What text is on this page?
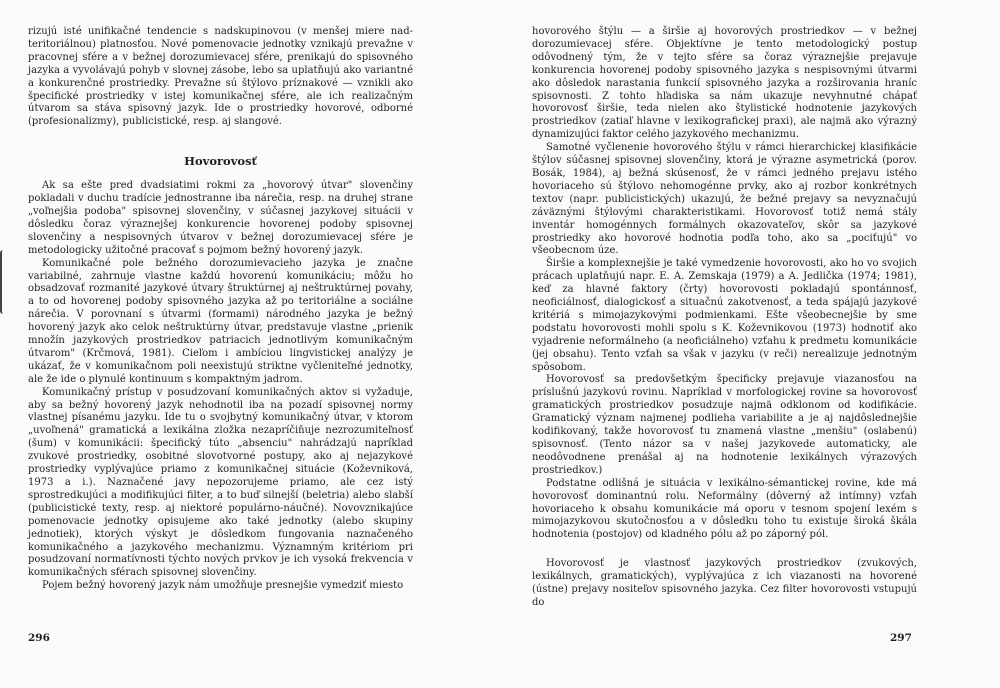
rizujú isté unifikačné tendencie s nadskupinovou (v menšej miere nad-teritoriálnou) platnosťou. Nové pomenovacie jednotky vznikajú prevažne v pracovnej sfére a v bežnej dorozumievacej sfére, prenikajú do spisovného jazyka a vyvolávajú pohyb v slovnej zásobe, lebo sa uplatňujú ako variantné a konkurenčné prostriedky. Prevažne sú štýlovo príznakové — vznikli ako špecifické prostriedky v istej komunikačnej sfére, ale ich realizačným útvarom sa stáva spisovný jazyk. Ide o prostriedky hovorové, odborné (profesionalizmy), publicistické, resp. aj slangové.

Hovorovosť

Ak sa ešte pred dvadsiatimi rokmi za „hovorový útvar" slovenčiny pokladali v duchu tradície jednostranne iba nárečia, resp. na druhej strane „voľnejšia podoba" spisovnej slovenčiny, v súčasnej jazykovej situácii v dôsledku čoraz výraznejšej konkurencie hovorenej podoby spisovnej slovenčiny a nespisovných útvarov v bežnej dorozumievacej sfére je metodologicky užitočné pracovať s pojmom bežný hovorený jazyk.

Komunikačné pole bežného dorozumievacieho jazyka je značne variabilné, zahrnuje vlastne každú hovorenú komunikáciu; môžu ho obsadzovať rozmanité jazykové útvary štruktúrnej aj neštruktúrnej povahy, a to od hovorenej podoby spisovného jazyka až po teritoriálne a sociálne nárečia. V porovnaní s útvarmi (formami) národného jazyka je bežný hovorený jazyk ako celok neštruktúrny útvar, predstavuje vlastne „prienik množín jazykových prostriedkov patriacich jednotlivým komunikačným útvarom" (Krčmová, 1981). Cieľom i ambíciou lingvistickej analýzy je ukázať, že v komunikačnom poli neexistujú striktne vyčleniteľné jednotky, ale že ide o plynulé kontinuum s kompaktným jadrom.

Komunikačný prístup v posudzovaní komunikačných aktov si vyžaduje, aby sa bežný hovorený jazyk nehodnotil iba na pozadí spisovnej normy vlastnej písanému jazyku. Ide tu o svojbytný komunikačný útvar, v ktorom „uvoľnená" gramatická a lexikálna zložka nezapríčiňuje nezrozumiteľnosť (šum) v komunikácii: špecifický túto „absenciu" nahrádzajú napríklad zvukové prostriedky, osobitné slovotvorné postupy, ako aj nejazykové prostriedky vyplývajúce priamo z komunikačnej situácie (Koževniková, 1973 a i.). Naznačené javy nepozorujeme priamo, ale cez istý sprostredkujúci a modifikujúci filter, a to buď silnejší (beletria) alebo slabší (publicistické texty, resp. aj niektoré populárno-náučné). Novovznikajúce pomenovacie jednotky opisujeme ako také jednotky (alebo skupiny jednotiek), ktorých výskyt je dôsledkom fungovania naznačeného komunikačného a jazykového mechanizmu. Významným kritériom pri posudzovaní normatívnosti týchto nových prvkov je ich vysoká frekvencia v komunikačných sférach spisovnej slovenčiny.

Pojem bežný hovorený jazyk nám umožňuje presnejšie vymedziť miesto

296

hovorového štýlu — a širšie aj hovorových prostriedkov — v bežnej dorozumievacej sfére. Objektívne je tento metodologický postup odôvodnený tým, že v tejto sfére sa čoraz výraznejšie prejavuje konkurencia hovorenej podoby spisovného jazyka s nespisovnými útvarmi ako dôsledok narastania funkcií spisovného jazyka a rozširovania hraníc spisovnosti. Z tohto hľadiska sa nám ukazuje nevyhnutné chápať hovorovosť širšie, teda nielen ako štylistické hodnotenie jazykových prostriedkov (zatiaľ hlavne v lexikografickej praxi), ale najmä ako výrazný dynamizujúci faktor celého jazykového mechanizmu.

Samotné vyčlenenie hovorového štýlu v rámci hierarchickej klasifikácie štýlov súčasnej spisovnej slovenčiny, ktorá je výrazne asymetrická (porov. Bosák, 1984), aj bežná skúsenosť, že v rámci jedného prejavu istého hovoriaceho sú štýlovo nehomogénne prvky, ako aj rozbor konkrétnych textov (napr. publicistických) ukazujú, že bežné prejavy sa nevyznačujú záväznými štýlovými charakteristikami. Hovorovosť totiž nemá stály inventár homogénnych formálnych okazovateľov, skôr sa jazykové prostriedky ako hovorové hodnotia podľa toho, ako sa „pociťujú" vo všeobecnom úze.

Širšie a komplexnejšie je také vymedzenie hovorovosti, ako ho vo svojich prácach uplatňujú napr. E. A. Zemskaja (1979) a A. Jedlička (1974; 1981), keď za hlavné faktory (črty) hovorovosti pokladajú spontánnosť, neoficiálnosť, dialogickosť a situačnú zakotvenosť, a teda spájajú jazykové kritériá s mimojazykovými podmienkami. Ešte všeobecnejšie by sme podstatu hovorovosti mohli spolu s K. Koževnikovou (1973) hodnotiť ako vyjadrenie neformálneho (a neoficiálneho) vzťahu k predmetu komunikácie (jej obsahu). Tento vzťah sa však v jazyku (v reči) nerealizuje jednotným spôsobom.

Hovorovosť sa predovšetkým špecificky prejavuje viazanosťou na príslušnú jazykovú rovinu. Napríklad v morfologickej rovine sa hovorovosť gramatických prostriedkov posudzuje najmä odklonom od kodifikácie. Gramatický význam najmenej podlieha variabilite a je aj najdôslednejšie kodifikovaný, takže hovorovosť tu znamená vlastne „menšiu" (oslabenú) spisovnosť. (Tento názor sa v našej jazykovede automaticky, ale neodôvodnene prenášal aj na hodnotenie lexikálnych výrazových prostriedkov.)

Podstatne odlišná je situácia v lexikálno-sémantickej rovine, kde má hovorovosť dominantnú rolu. Neformálny (dôverný až intímny) vzťah hovoriaceho k obsahu komunikácie má oporu v tesnom spojení lexém s mimojazykovou skutočnosťou a v dôsledku toho tu existuje široká škála hodnotenia (postojov) od kladného pólu až po záporný pól.

Hovorovosť je vlastnosť jazykových prostriedkov (zvukových, lexikálnych, gramatických), vyplývajúca z ich viazanosti na hovorené (ústne) prejavy nositeľov spisovného jazyka. Cez filter hovorovosti vstupujú do

297
